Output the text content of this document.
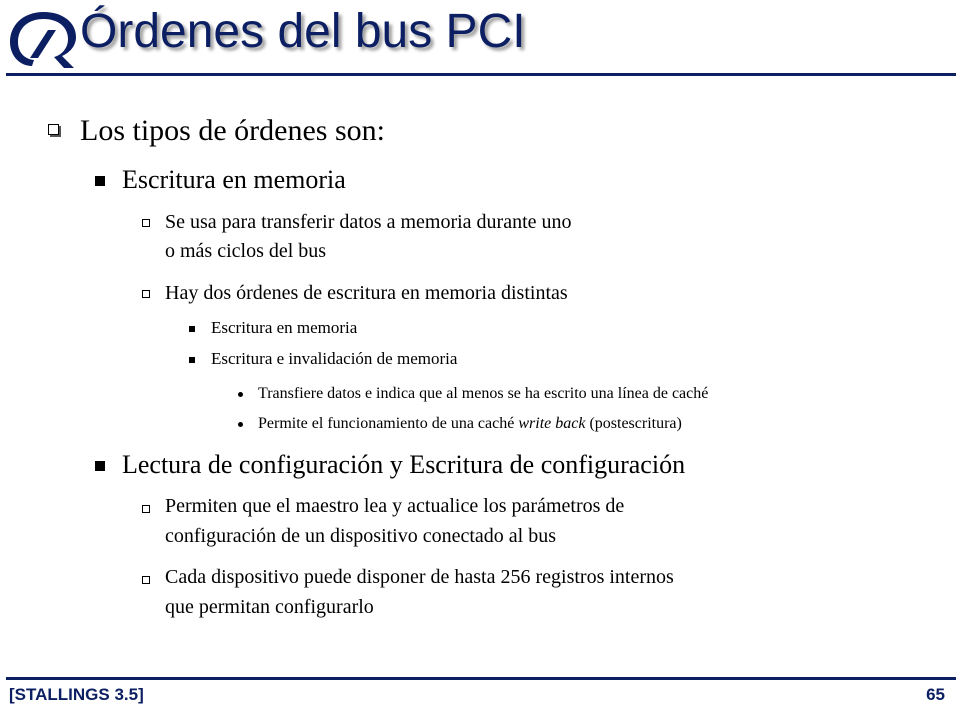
Órdenes del bus PCI
Los tipos de órdenes son:
Escritura en memoria
Se usa para transferir datos a memoria durante uno
o más ciclos del bus
Hay dos órdenes de escritura en memoria distintas
Escritura en memoria
Escritura e invalidación de memoria
Transfiere datos e indica que al menos se ha escrito una línea de caché
Permite el funcionamiento de una caché write back (postescritura)
Lectura de configuración y Escritura de configuración
Permiten que el maestro lea y actualice los parámetros de
configuración de un dispositivo conectado al bus
Cada dispositivo puede disponer de hasta 256 registros internos
que permitan configurarlo
[STALLINGS 3.5]	65
